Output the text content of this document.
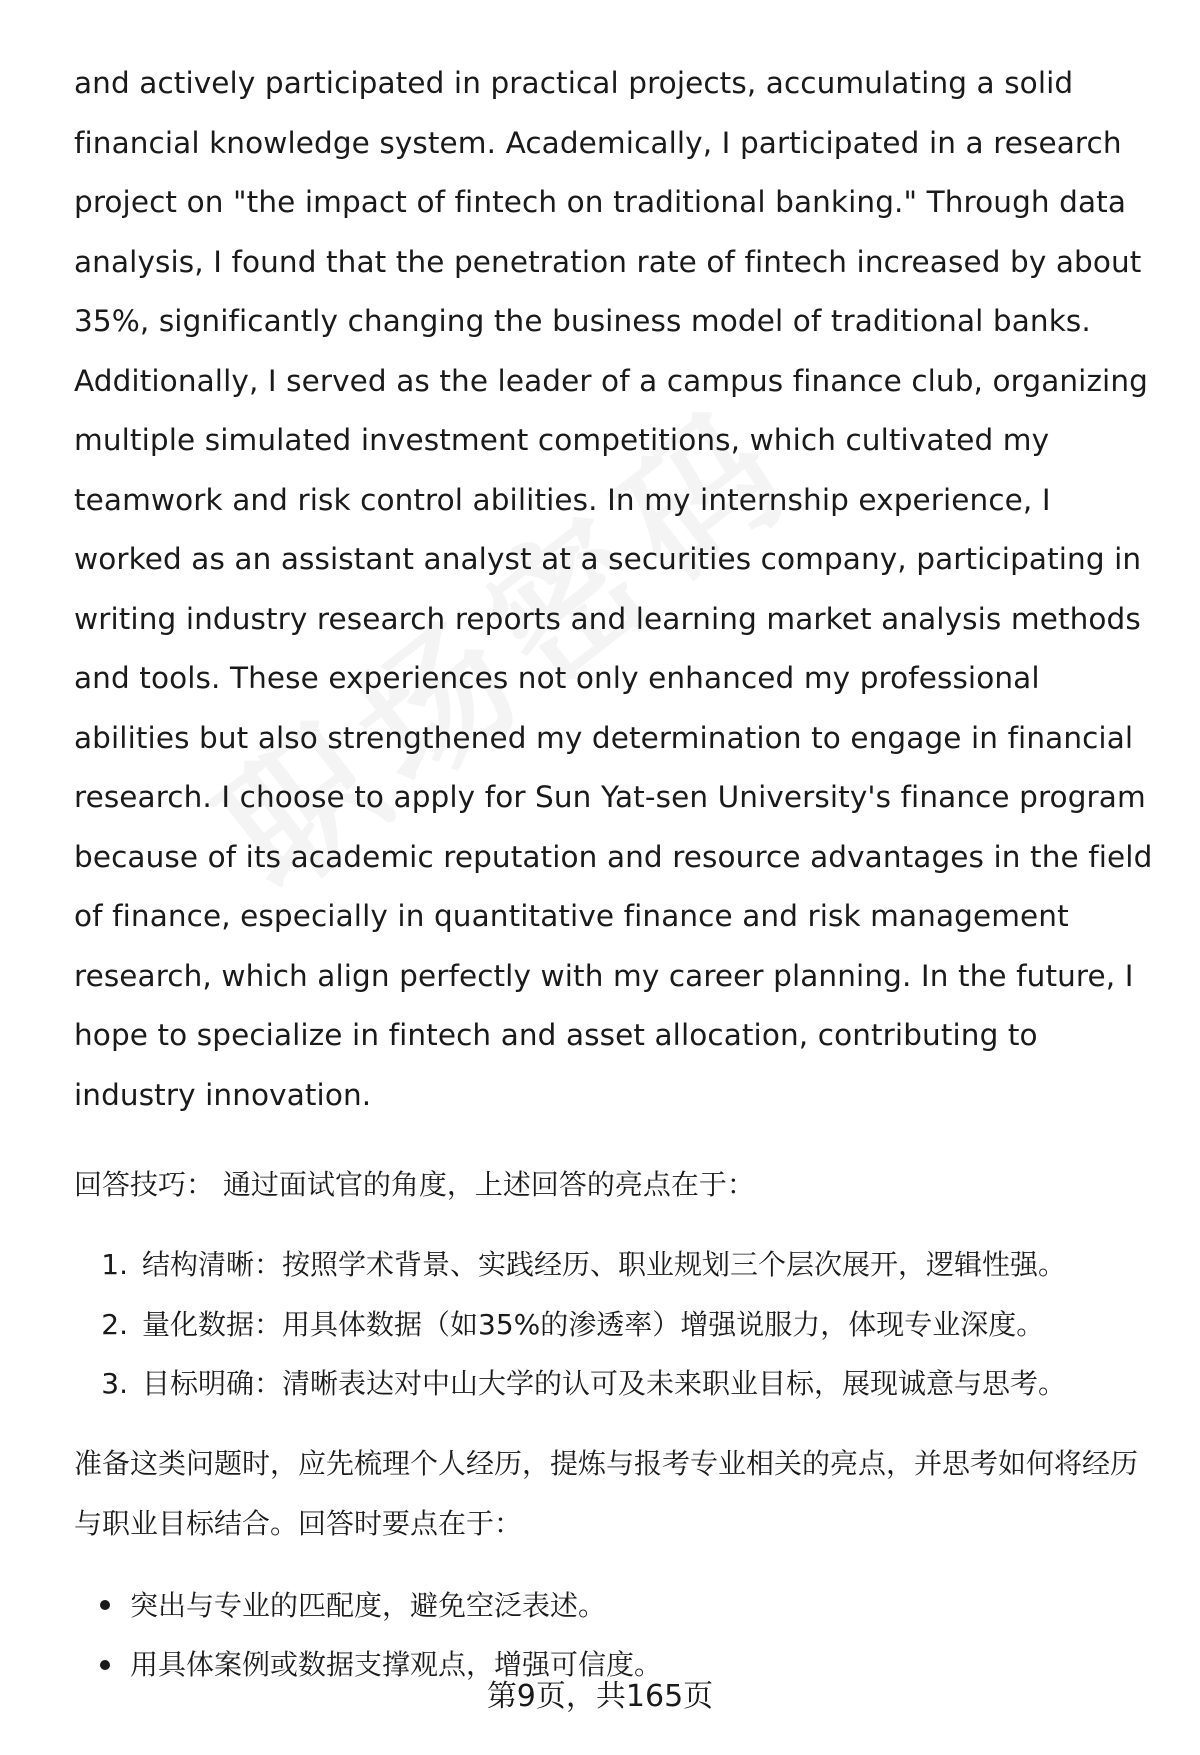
and actively participated in practical projects, accumulating a solid financial knowledge system. Academically, I participated in a research project on "the impact of fintech on traditional banking." Through data analysis, I found that the penetration rate of fintech increased by about 35%, significantly changing the business model of traditional banks. Additionally, I served as the leader of a campus finance club, organizing multiple simulated investment competitions, which cultivated my teamwork and risk control abilities. In my internship experience, I worked as an assistant analyst at a securities company, participating in writing industry research reports and learning market analysis methods and tools. These experiences not only enhanced my professional abilities but also strengthened my determination to engage in financial research. I choose to apply for Sun Yat-sen University's finance program because of its academic reputation and resource advantages in the field of finance, especially in quantitative finance and risk management research, which align perfectly with my career planning. In the future, I hope to specialize in fintech and asset allocation, contributing to industry innovation.

回答技巧： 通过面试官的角度，上述回答的亮点在于：

1. 结构清晰：按照学术背景、实践经历、职业规划三个层次展开，逻辑性强。
2. 量化数据：用具体数据（如35%的渗透率）增强说服力，体现专业深度。
3. 目标明确：清晰表达对中山大学的认可及未来职业目标，展现诚意与思考。

准备这类问题时，应先梳理个人经历，提炼与报考专业相关的亮点，并思考如何将经历与职业目标结合。回答时要点在于：

突出与专业的匹配度，避免空泛表述。
用具体案例或数据支撑观点，增强可信度。
第9页，共165页
